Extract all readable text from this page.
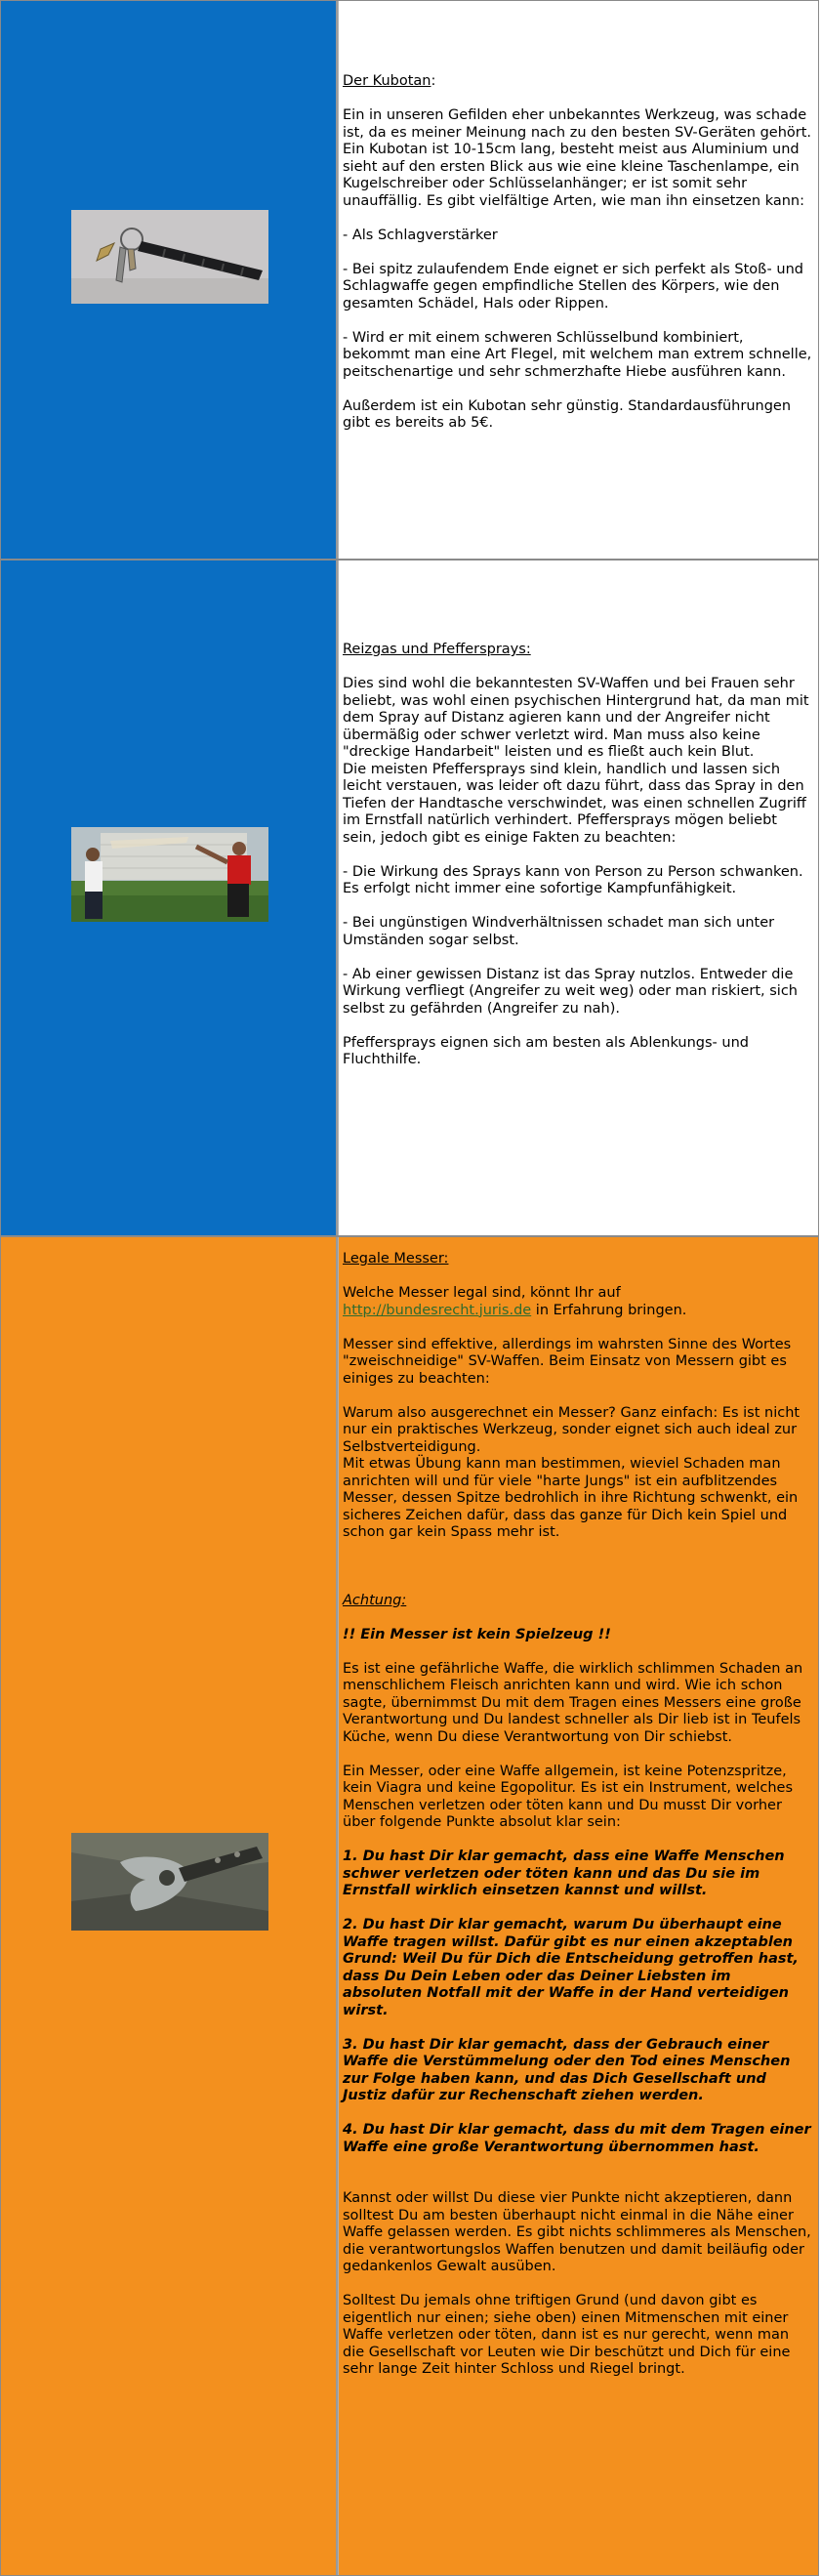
Der Kubotan:

Ein in unseren Gefilden eher unbekanntes Werkzeug, was schade ist, da es meiner Meinung nach zu den besten SV-Geräten gehört. Ein Kubotan ist 10-15cm lang, besteht meist aus Aluminium und sieht auf den ersten Blick aus wie eine kleine Taschenlampe, ein Kugelschreiber oder Schlüsselanhänger; er ist somit sehr unauffällig. Es gibt vielfältige Arten, wie man ihn einsetzen kann:

- Als Schlagverstärker

- Bei spitz zulaufendem Ende eignet er sich perfekt als Stoß- und Schlagwaffe gegen empfindliche Stellen des Körpers, wie den gesamten Schädel, Hals oder Rippen.

- Wird er mit einem schweren Schlüsselbund kombiniert, bekommt man eine Art Flegel, mit welchem man extrem schnelle, peitschenartige und sehr schmerzhafte Hiebe ausführen kann.

Außerdem ist ein Kubotan sehr günstig. Standardausführungen gibt es bereits ab 5€.

Reizgas und Pfeffersprays:

Dies sind wohl die bekanntesten SV-Waffen und bei Frauen sehr beliebt, was wohl einen psychischen Hintergrund hat, da man mit dem Spray auf Distanz agieren kann und der Angreifer nicht übermäßig oder schwer verletzt wird. Man muss also keine "dreckige Handarbeit" leisten und es fließt auch kein Blut.
Die meisten Pfeffersprays sind klein, handlich und lassen sich leicht verstauen, was leider oft dazu führt, dass das Spray in den Tiefen der Handtasche verschwindet, was einen schnellen Zugriff im Ernstfall natürlich verhindert. Pfeffersprays mögen beliebt sein, jedoch gibt es einige Fakten zu beachten:

- Die Wirkung des Sprays kann von Person zu Person schwanken. Es erfolgt nicht immer eine sofortige Kampfunfähigkeit.

- Bei ungünstigen Windverhältnissen schadet man sich unter Umständen sogar selbst.

- Ab einer gewissen Distanz ist das Spray nutzlos. Entweder die Wirkung verfliegt (Angreifer zu weit weg) oder man riskiert, sich selbst zu gefährden (Angreifer zu nah).

Pfeffersprays eignen sich am besten als Ablenkungs- und Fluchthilfe.

Legale Messer:

Welche Messer legal sind, könnt Ihr auf
http://bundesrecht.juris.de in Erfahrung bringen.

Messer sind effektive, allerdings im wahrsten Sinne des Wortes "zweischneidige" SV-Waffen. Beim Einsatz von Messern gibt es einiges zu beachten:

Warum also ausgerechnet ein Messer? Ganz einfach: Es ist nicht nur ein praktisches Werkzeug, sonder eignet sich auch ideal zur Selbstverteidigung.
Mit etwas Übung kann man bestimmen, wieviel Schaden man anrichten will und für viele "harte Jungs" ist ein aufblitzendes Messer, dessen Spitze bedrohlich in ihre Richtung schwenkt, ein sicheres Zeichen dafür, dass das ganze für Dich kein Spiel und schon gar kein Spass mehr ist.

Achtung:

!! Ein Messer ist kein Spielzeug !!

Es ist eine gefährliche Waffe, die wirklich schlimmen Schaden an menschlichem Fleisch anrichten kann und wird. Wie ich schon sagte, übernimmst Du mit dem Tragen eines Messers eine große Verantwortung und Du landest schneller als Dir lieb ist in Teufels Küche, wenn Du diese Verantwortung von Dir schiebst.

Ein Messer, oder eine Waffe allgemein, ist keine Potenzspritze, kein Viagra und keine Egopolitur. Es ist ein Instrument, welches Menschen verletzen oder töten kann und Du musst Dir vorher über folgende Punkte absolut klar sein:

1. Du hast Dir klar gemacht, dass eine Waffe Menschen schwer verletzen oder töten kann und das Du sie im Ernstfall wirklich einsetzen kannst und willst.

2. Du hast Dir klar gemacht, warum Du überhaupt eine Waffe tragen willst. Dafür gibt es nur einen akzeptablen Grund: Weil Du für Dich die Entscheidung getroffen hast, dass Du Dein Leben oder das Deiner Liebsten im absoluten Notfall mit der Waffe in der Hand verteidigen wirst.

3. Du hast Dir klar gemacht, dass der Gebrauch einer Waffe die Verstümmelung oder den Tod eines Menschen zur Folge haben kann, und das Dich Gesellschaft und Justiz dafür zur Rechenschaft ziehen werden.

4. Du hast Dir klar gemacht, dass du mit dem Tragen einer Waffe eine große Verantwortung übernommen hast.

Kannst oder willst Du diese vier Punkte nicht akzeptieren, dann solltest Du am besten überhaupt nicht einmal in die Nähe einer Waffe gelassen werden. Es gibt nichts schlimmeres als Menschen, die verantwortungslos Waffen benutzen und damit beiläufig oder gedankenlos Gewalt ausüben.

Solltest Du jemals ohne triftigen Grund (und davon gibt es eigentlich nur einen; siehe oben) einen Mitmenschen mit einer Waffe verletzen oder töten, dann ist es nur gerecht, wenn man die Gesellschaft vor Leuten wie Dir beschützt und Dich für eine sehr lange Zeit hinter Schloss und Riegel bringt.
